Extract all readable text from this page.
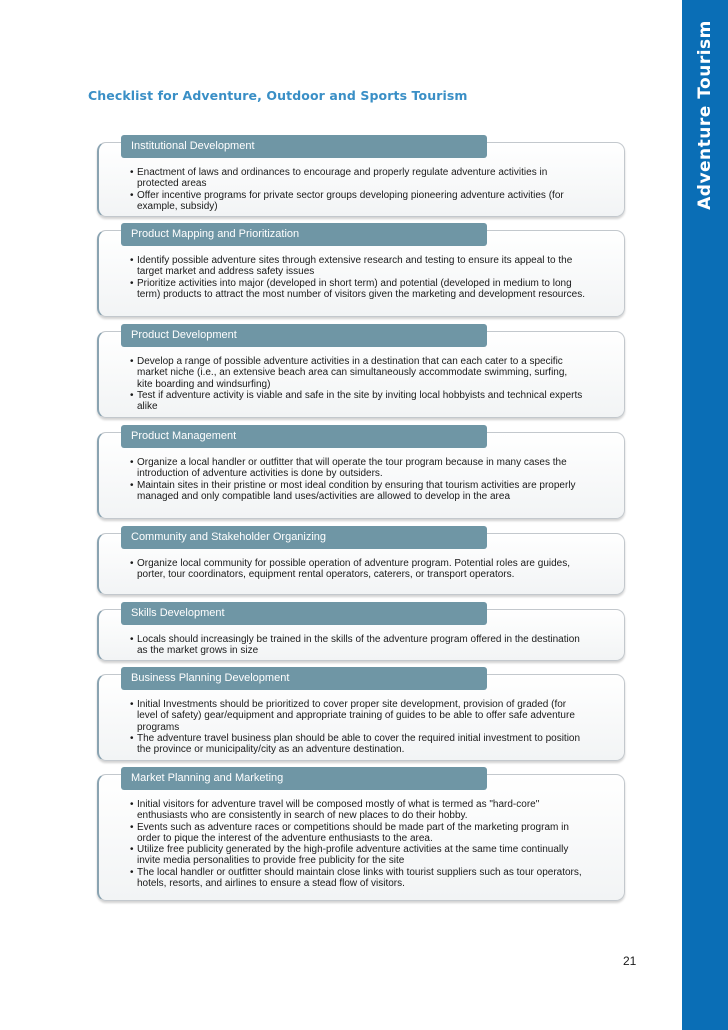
Adventure Tourism
Checklist for Adventure, Outdoor and Sports Tourism
Institutional Development
• Enactment of laws and ordinances to encourage and properly regulate adventure activities in protected areas
• Offer incentive programs for private sector groups developing pioneering adventure activities (for example, subsidy)
Product Mapping and Prioritization
• Identify possible adventure sites through extensive research and testing to ensure its appeal to the target market and address safety issues
• Prioritize activities into major (developed in short term) and potential (developed in medium to long term) products to attract the most number of visitors given the marketing and development resources.
Product Development
• Develop a range of possible adventure activities in a destination that can each cater to a specific market niche (i.e., an extensive beach area can simultaneously accommodate swimming, surfing, kite boarding and windsurfing)
• Test if adventure activity is viable and safe in the site by inviting local hobbyists and technical experts alike
Product Management
• Organize a local handler or outfitter that will operate the tour program because in many cases the introduction of adventure activities is done by outsiders.
• Maintain sites in their pristine or most ideal condition by ensuring that tourism activities are properly managed and only compatible land uses/activities are allowed to develop in the area
Community and Stakeholder Organizing
• Organize local community for possible operation of adventure program. Potential roles are guides, porter, tour coordinators, equipment rental operators, caterers, or transport operators.
Skills Development
• Locals should increasingly be trained in the skills of the adventure program offered in the destination as the market grows in size
Business Planning Development
• Initial Investments should be prioritized to cover proper site development, provision of graded (for level of safety) gear/equipment and appropriate training of guides to be able to offer safe adventure programs
• The adventure travel business plan should be able to cover the required initial investment to position the province or municipality/city as an adventure destination.
Market Planning and Marketing
• Initial visitors for adventure travel will be composed mostly of what is termed as "hard-core" enthusiasts who are consistently in search of new places to do their hobby.
• Events such as adventure races or competitions should be made part of the marketing program in order to pique the interest of the adventure enthusiasts to the area.
• Utilize free publicity generated by the high-profile adventure activities at the same time continually invite media personalities to provide free publicity for the site
• The local handler or outfitter should maintain close links with tourist suppliers such as tour operators, hotels, resorts, and airlines to ensure a stead flow of visitors.
21
